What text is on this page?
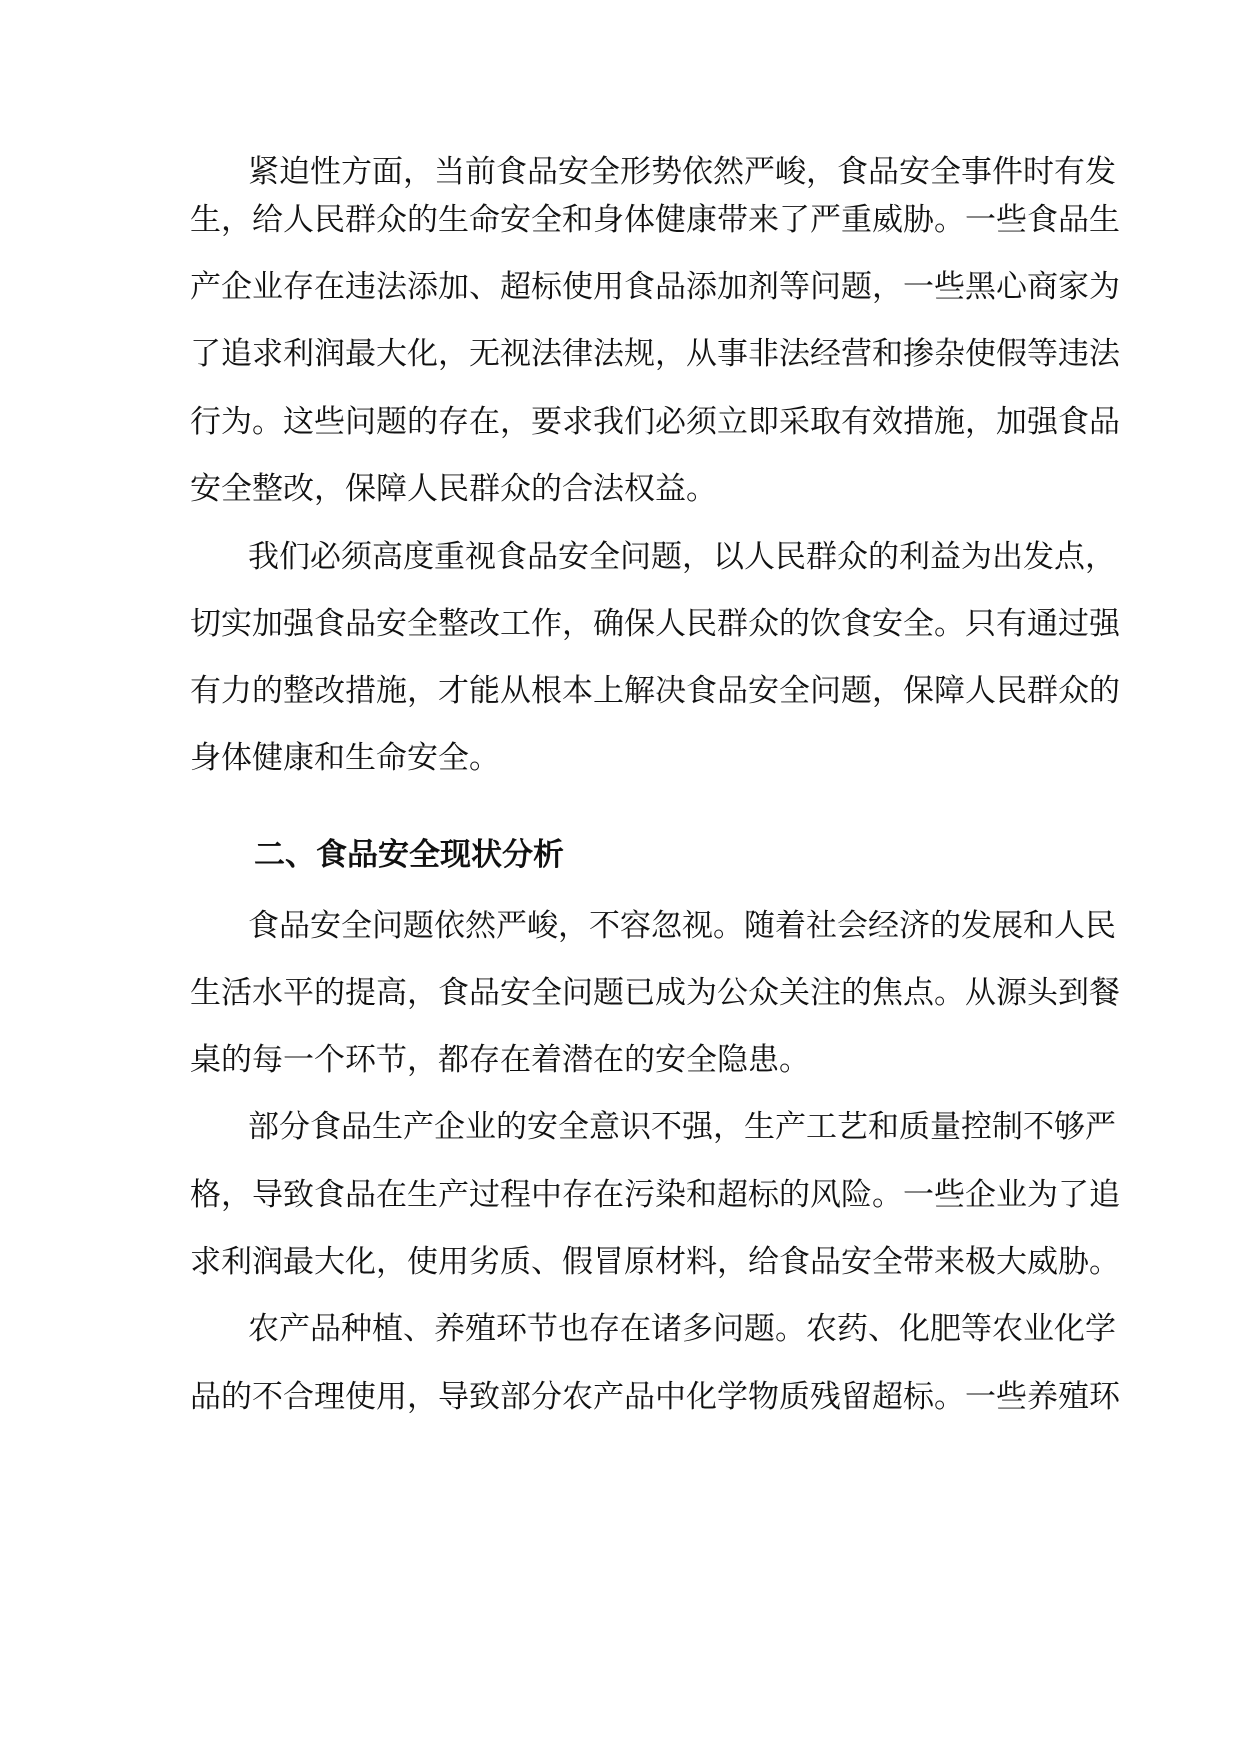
紧迫性方面，当前食品安全形势依然严峻，食品安全事件时有发
生，给人民群众的生命安全和身体健康带来了严重威胁。一些食品生
产企业存在违法添加、超标使用食品添加剂等问题，一些黑心商家为
了追求利润最大化，无视法律法规，从事非法经营和掺杂使假等违法
行为。这些问题的存在，要求我们必须立即采取有效措施，加强食品
安全整改，保障人民群众的合法权益。
我们必须高度重视食品安全问题，以人民群众的利益为出发点，
切实加强食品安全整改工作，确保人民群众的饮食安全。只有通过强
有力的整改措施，才能从根本上解决食品安全问题，保障人民群众的
身体健康和生命安全。
二、食品安全现状分析
食品安全问题依然严峻，不容忽视。随着社会经济的发展和人民
生活水平的提高，食品安全问题已成为公众关注的焦点。从源头到餐
桌的每一个环节，都存在着潜在的安全隐患。
部分食品生产企业的安全意识不强，生产工艺和质量控制不够严
格，导致食品在生产过程中存在污染和超标的风险。一些企业为了追
求利润最大化，使用劣质、假冒原材料，给食品安全带来极大威胁。
农产品种植、养殖环节也存在诸多问题。农药、化肥等农业化学
品的不合理使用，导致部分农产品中化学物质残留超标。一些养殖环
